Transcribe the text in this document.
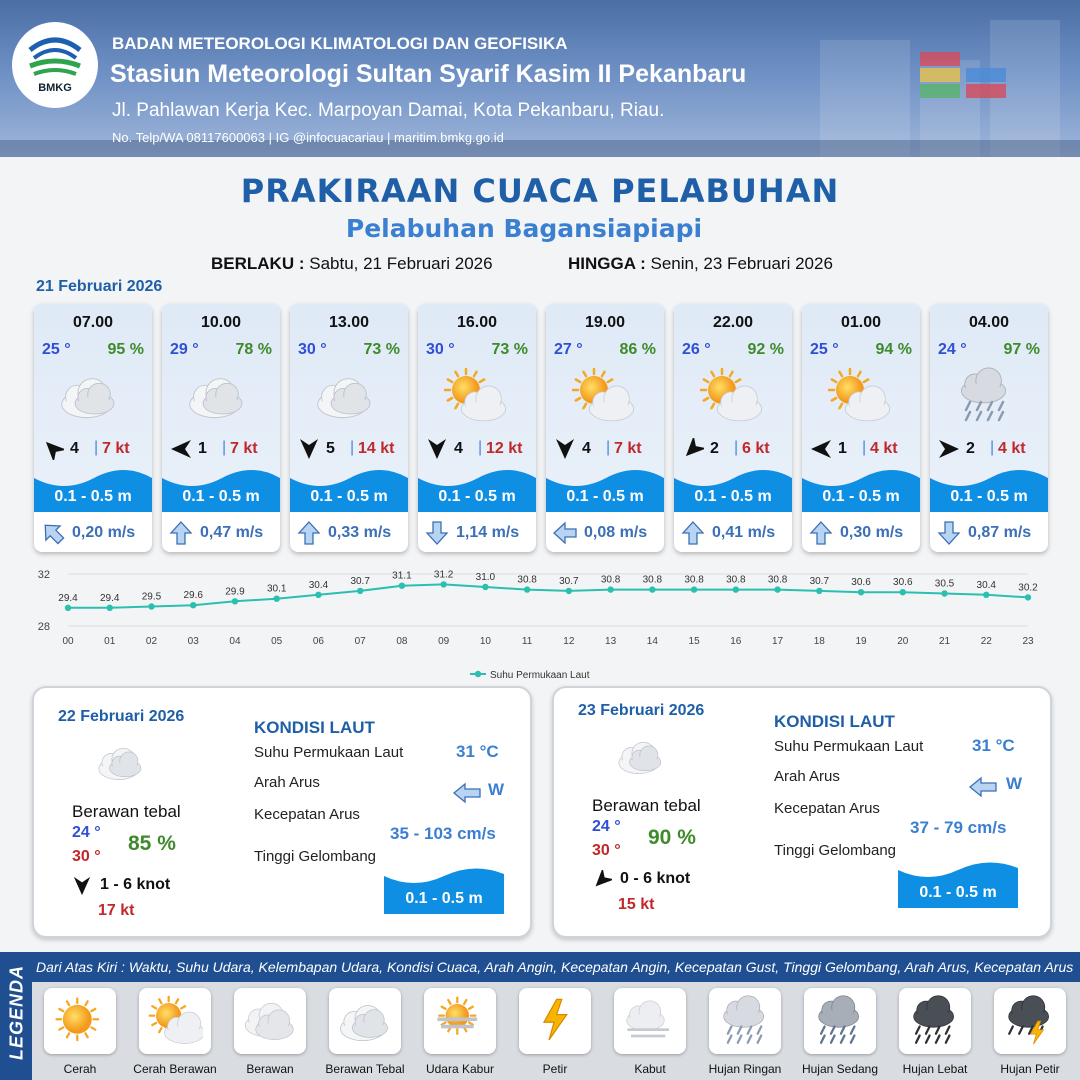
BMKG
BADAN METEOROLOGI KLIMATOLOGI DAN GEOFISIKA
Stasiun Meteorologi Sultan Syarif Kasim II Pekanbaru
Jl. Pahlawan Kerja Kec. Marpoyan Damai, Kota Pekanbaru, Riau.
No. Telp/WA 08117600063 | IG @infocuacariau | maritim.bmkg.go.id
PRAKIRAAN CUACA PELABUHAN
Pelabuhan Bagansiapiapi
BERLAKU : Sabtu, 21 Februari 2026	HINGGA : Senin, 23 Februari 2026
21 Februari 2026
07.00
25 ° 95 %
4 | 7 kt
0.1 - 0.5 m
0,20 m/s
10.00
29 ° 78 %
1 | 7 kt
0.1 - 0.5 m
0,47 m/s
13.00
30 ° 73 %
5 | 14 kt
0.1 - 0.5 m
0,33 m/s
16.00
30 ° 73 %
4 | 12 kt
0.1 - 0.5 m
1,14 m/s
19.00
27 ° 86 %
4 | 7 kt
0.1 - 0.5 m
0,08 m/s
22.00
26 ° 92 %
2 | 6 kt
0.1 - 0.5 m
0,41 m/s
01.00
25 ° 94 %
1 | 4 kt
0.1 - 0.5 m
0,30 m/s
04.00
24 ° 97 %
2 | 4 kt
0.1 - 0.5 m
0,87 m/s
32
28
29.4
00
29.4
01
29.5
02
29.6
03
29.9
04
30.1
05
30.4
06
30.7
07
31.1
08
31.2
09
31.0
10
30.8
11
30.7
12
30.8
13
30.8
14
30.8
15
30.8
16
30.8
17
30.7
18
30.6
19
30.6
20
30.5
21
30.4
22
30.2
23
Suhu Permukaan Laut
22 Februari 2026
Berawan tebal
24 °
30 °
85 %
1 - 6 knot
17 kt
KONDISI LAUT
Suhu Permukaan Laut	31 °C
Arah Arus	W
Kecepatan Arus
35 - 103 cm/s
Tinggi Gelombang
0.1 - 0.5 m
23 Februari 2026
Berawan tebal
24 °
30 °
90 %
0 - 6 knot
15 kt
KONDISI LAUT
Suhu Permukaan Laut	31 °C
Arah Arus	W
Kecepatan Arus
37 - 79 cm/s
Tinggi Gelombang
0.1 - 0.5 m
LEGENDA Dari Atas Kiri : Waktu, Suhu Udara, Kelembapan Udara, Kondisi Cuaca, Arah Angin, Kecepatan Angin, Kecepatan Gust, Tinggi Gelombang, Arah Arus, Kecepatan Arus
Cerah	Cerah Berawan	Berawan	Berawan Tebal	Udara Kabur	Petir	Kabut	Hujan Ringan	Hujan Sedang	Hujan Lebat	Hujan Petir
